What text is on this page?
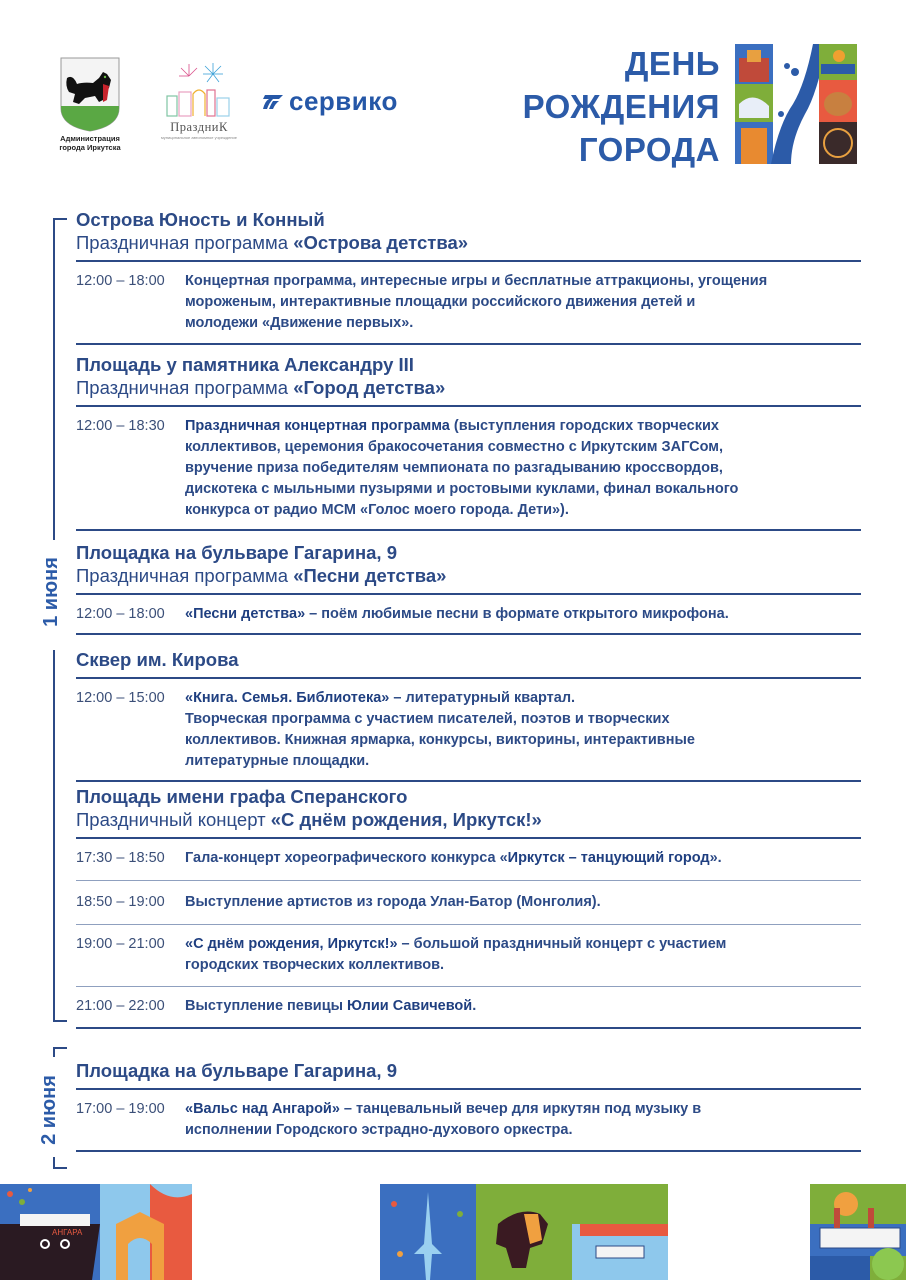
Администрация
города Иркутска
ПраздниК
муниципальное автономное учреждение
сервико
ДЕНЬ
РОЖДЕНИЯ
ГОРОДА
1 июня
2 июня
Острова Юность и Конный
Праздничная программа «Острова детства»
12:00 – 18:00	Концертная программа, интересные игры и бесплатные аттракционы, угощения
мороженым, интерактивные площадки российского движения детей и
молодежи «Движение первых».
Площадь у памятника Александру III
Праздничная программа «Город детства»
12:00 – 18:30	Праздничная концертная программа (выступления городских творческих
коллективов, церемония бракосочетания совместно с Иркутским ЗАГСом,
вручение приза победителям чемпионата по разгадыванию кроссвордов,
дискотека с мыльными пузырями и ростовыми куклами, финал вокального
конкурса от радио МСМ «Голос моего города. Дети»).
Площадка на бульваре Гагарина, 9
Праздничная программа «Песни детства»
12:00 – 18:00	«Песни детства» – поём любимые песни в формате открытого микрофона.
Сквер им. Кирова
12:00 – 15:00	«Книга. Семья. Библиотека» – литературный квартал.
Творческая программа с участием писателей, поэтов и творческих
коллективов. Книжная ярмарка, конкурсы, викторины, интерактивные
литературные площадки.
Площадь имени графа Сперанского
Праздничный концерт «С днём рождения, Иркутск!»
17:30 – 18:50	Гала-концерт хореографического конкурса «Иркутск – танцующий город».
18:50 – 19:00	Выступление артистов из города Улан-Батор (Монголия).
19:00 – 21:00	«С днём рождения, Иркутск!» – большой праздничный концерт с участием
городских творческих коллективов.
21:00 – 22:00	Выступление певицы Юлии Савичевой.
Площадка на бульваре Гагарина, 9
17:00 – 19:00	«Вальс над Ангарой» – танцевальный вечер для иркутян под музыку в
исполнении Городского эстрадно-духового оркестра.
АНГАРА
